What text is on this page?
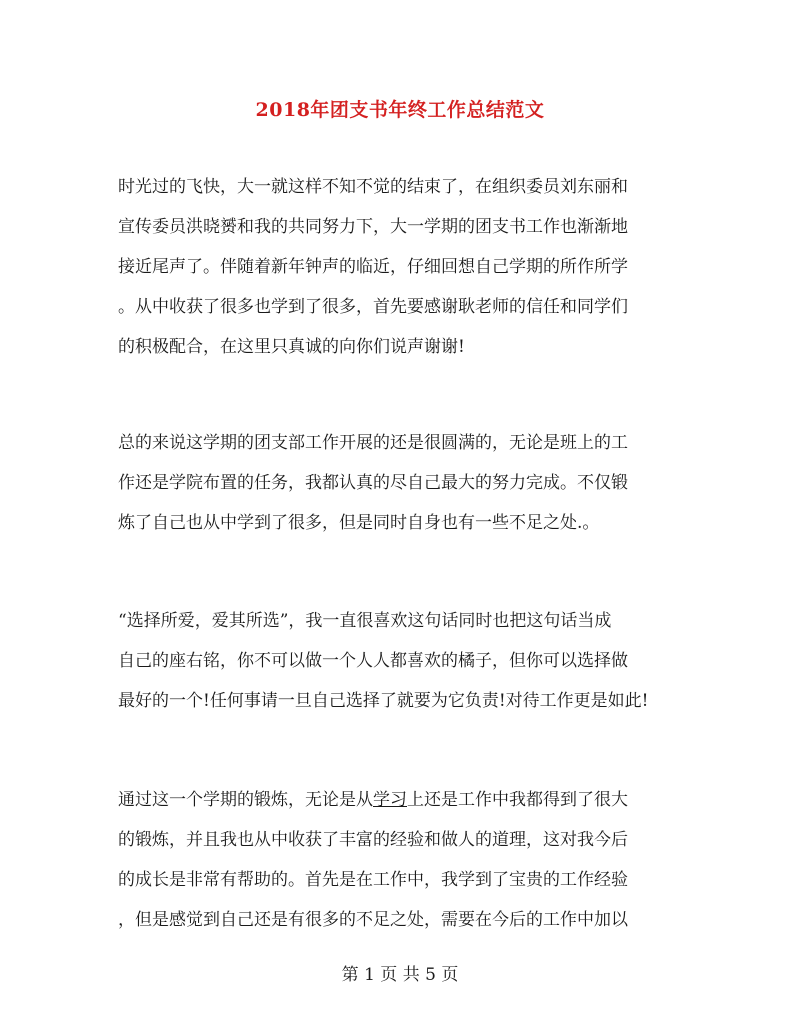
2018年团支书年终工作总结范文
时光过的飞快，大一就这样不知不觉的结束了，在组织委员刘东丽和
宣传委员洪晓赟和我的共同努力下，大一学期的团支书工作也渐渐地
接近尾声了。伴随着新年钟声的临近，仔细回想自己学期的所作所学
。从中收获了很多也学到了很多，首先要感谢耿老师的信任和同学们
的积极配合，在这里只真诚的向你们说声谢谢!
总的来说这学期的团支部工作开展的还是很圆满的，无论是班上的工
作还是学院布置的任务，我都认真的尽自己最大的努力完成。不仅锻
炼了自己也从中学到了很多，但是同时自身也有一些不足之处.。
“选择所爱，爱其所选”，我一直很喜欢这句话同时也把这句话当成
自己的座右铭，你不可以做一个人人都喜欢的橘子，但你可以选择做
最好的一个!任何事请一旦自己选择了就要为它负责!对待工作更是如此!
通过这一个学期的锻炼，无论是从学习上还是工作中我都得到了很大
的锻炼，并且我也从中收获了丰富的经验和做人的道理，这对我今后
的成长是非常有帮助的。首先是在工作中，我学到了宝贵的工作经验
，但是感觉到自己还是有很多的不足之处，需要在今后的工作中加以
第 1 页 共 5 页
